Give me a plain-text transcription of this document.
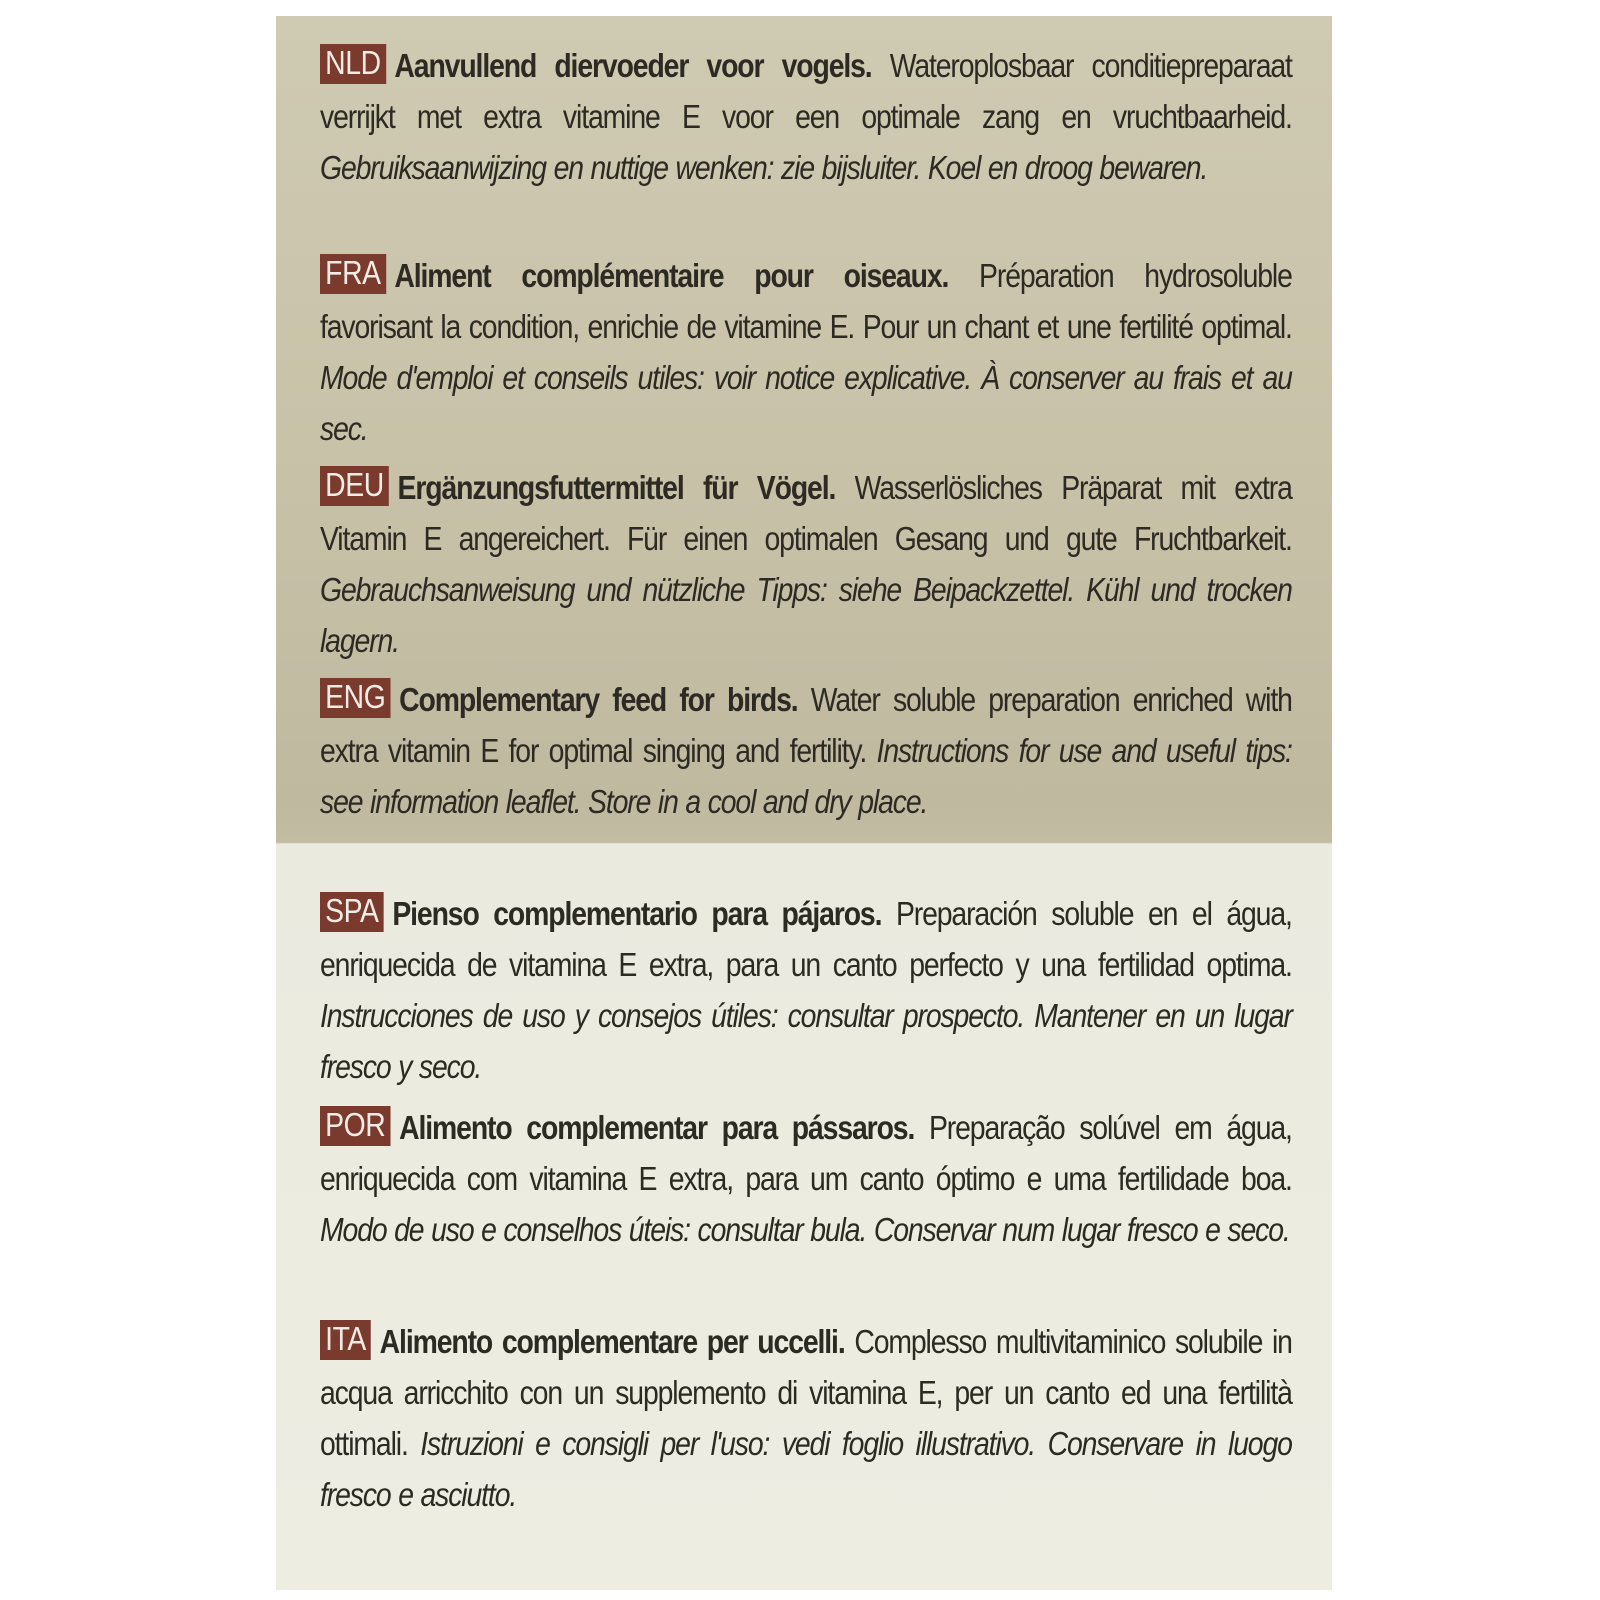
NLD Aanvullend diervoeder voor vogels. Wateroplosbaar conditiepreparaat verrijkt met extra vitamine E voor een optimale zang en vruchtbaarheid. Gebruiksaanwijzing en nuttige wenken: zie bijsluiter. Koel en droog bewaren.
FRA Aliment complémentaire pour oiseaux. Préparation hydrosoluble favorisant la condition, enrichie de vitamine E. Pour un chant et une fertilité optimal. Mode d'emploi et conseils utiles: voir notice explicative. À conserver au frais et au sec.
DEU Ergänzungsfuttermittel für Vögel. Wasserlösliches Präparat mit extra Vitamin E angereichert. Für einen optimalen Gesang und gute Fruchtbarkeit. Gebrauchsanweisung und nützliche Tipps: siehe Beipackzettel. Kühl und trocken lagern.
ENG Complementary feed for birds. Water soluble preparation enriched with extra vitamin E for optimal singing and fertility. Instructions for use and useful tips: see information leaflet. Store in a cool and dry place.
SPA Pienso complementario para pájaros. Preparación soluble en el água, enriquecida de vitamina E extra, para un canto perfecto y una fertilidad optima. Instrucciones de uso y consejos útiles: consultar prospecto. Mantener en un lugar fresco y seco.
POR Alimento complementar para pássaros. Preparação solúvel em água, enriquecida com vitamina E extra, para um canto óptimo e uma fertilidade boa. Modo de uso e conselhos úteis: consultar bula. Conservar num lugar fresco e seco.
ITA Alimento complementare per uccelli. Complesso multivitaminico solubile in acqua arricchito con un supplemento di vitamina E, per un canto ed una fertilità ottimali. Istruzioni e consigli per l'uso: vedi foglio illustrativo. Conservare in luogo fresco e asciutto.
